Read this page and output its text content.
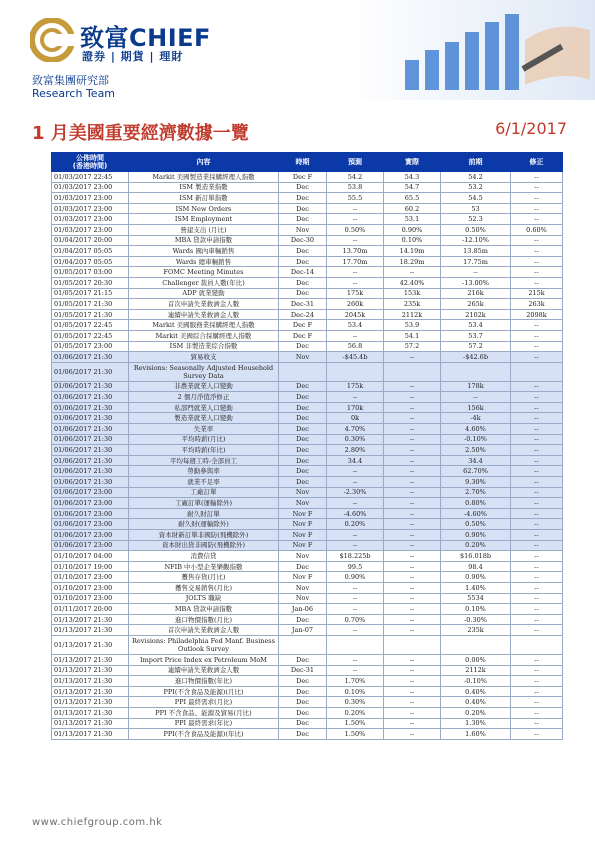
致富CHIEF
證券 | 期貨 | 理財
致富集團研究部
Research Team
1 月美國重要經濟數據一覽	6/1/2017
公佈時間
(香港時間)	內容	時期	預測	實際	前期	修正
01/03/2017 22:45	Markit 美國製造業採購經理人指數	Dec F	54.2	54.3	54.2	--
01/03/2017 23:00	ISM 製造業指數	Dec	53.8	54.7	53.2	--
01/03/2017 23:00	ISM 新訂單指數	Dec	55.5	65.5	54.5	--
01/03/2017 23:00	ISM New Orders	Dec	--	60.2	53	--
01/03/2017 23:00	ISM Employment	Dec	--	53.1	52.3	--
01/03/2017 23:00	營建支出 (月比)	Nov	0.50%	0.90%	0.50%	0.60%
01/04/2017 20:00	MBA 貸款申請指數	Dec-30	--	0.10%	-12.10%	--
01/04/2017 05:05	Wards 國內車輛銷售	Dec	13.70m	14.19m	13.85m	--
01/04/2017 05:05	Wards 總車輛銷售	Dec	17.70m	18.29m	17.75m	--
01/05/2017 03:00	FOMC Meeting Minutes	Dec-14	--	--	--	--
01/05/2017 20:30	Challenger 裁員人數(年比)	Dec	--	42.40%	-13.00%	--
01/05/2017 21:15	ADP 就業變動	Dec	175k	153k	216k	215k
01/05/2017 21:30	首次申請失業救濟金人數	Dec-31	260k	235k	265k	263k
01/05/2017 21:30	連續申請失業救濟金人數	Dec-24	2045k	2112k	2102k	2098k
01/05/2017 22:45	Markit 美國服務業採購經理人指數	Dec F	53.4	53.9	53.4	--
01/05/2017 22:45	Markit 美國綜合採購經理人指數	Dec F	--	54.1	53.7	--
01/05/2017 23:00	ISM 非製造業綜合指數	Dec	56.8	57.2	57.2	--
01/06/2017 21:30	貿易收支	Nov	-$45.4b	--	-$42.6b	--
01/06/2017 21:30	Revisions: Seasonally Adjusted Household Survey Data					
01/06/2017 21:30	非農業就業人口變動	Dec	175k	--	178k	--
01/06/2017 21:30	2 個月淨值淨修正	Dec	--	--	--	--
01/06/2017 21:30	私部門就業人口變動	Dec	170k	--	156k	--
01/06/2017 21:30	製造業就業人口變動	Dec	0k	--	-4k	--
01/06/2017 21:30	失業率	Dec	4.70%	--	4.60%	--
01/06/2017 21:30	平均時薪(月比)	Dec	0.30%	--	-0.10%	--
01/06/2017 21:30	平均時薪(年比)	Dec	2.80%	--	2.50%	--
01/06/2017 21:30	平均每週工時-全部員工	Dec	34.4	--	34.4	--
01/06/2017 21:30	勞動參與率	Dec	--	--	62.70%	--
01/06/2017 21:30	就業不足率	Dec	--	--	9.30%	--
01/06/2017 23:00	工廠訂單	Nov	-2.30%	--	2.70%	--
01/06/2017 23:00	工廠訂單(運輸除外)	Nov	--	--	0.80%	--
01/06/2017 23:00	耐久財訂單	Nov F	-4.60%	--	-4.60%	--
01/06/2017 23:00	耐久財(運輸除外)	Nov F	0.20%	--	0.50%	--
01/06/2017 23:00	資本財新訂單非國防(飛機除外)	Nov F	--	--	0.90%	--
01/06/2017 23:00	資本財出貨非國防(飛機除外)	Nov F	--	--	0.20%	--
01/10/2017 04:00	消費信貸	Nov	$18.225b	--	$16.018b	--
01/10/2017 19:00	NFIB 中小型企業樂觀指數	Dec	99.5	--	98.4	--
01/10/2017 23:00	躉售存貨(月比)	Nov F	0.90%	--	0.90%	--
01/10/2017 23:00	躉售交易銷售(月比)	Nov	--	--	1.40%	--
01/10/2017 23:00	JOLTS 職缺	Nov	--	--	5534	--
01/11/2017 20:00	MBA 貸款申請指數	Jan-06	--	--	0.10%	--
01/13/2017 21:30	進口物價指數(月比)	Dec	0.70%	--	-0.30%	--
01/13/2017 21:30	首次申請失業救濟金人數	Jan-07	--	--	235k	--
01/13/2017 21:30	Revisions: Philadelphia Fed Manf. Business Outlook Survey					
01/13/2017 21:30	Import Price Index ex Petroleum MoM	Dec	--	--	0.00%	--
01/13/2017 21:30	連續申請失業救濟金人數	Dec-31	--	--	2112k	--
01/13/2017 21:30	進口物價指數(年比)	Dec	1.70%	--	-0.10%	--
01/13/2017 21:30	PPI(不含食品及能源)(月比)	Dec	0.10%	--	0.40%	--
01/13/2017 21:30	PPI 最終需求(月比)	Dec	0.30%	--	0.40%	--
01/13/2017 21:30	PPI 不含食品、能源及貿易(月比)	Dec	0.20%	--	0.20%	--
01/13/2017 21:30	PPI 最終需求(年比)	Dec	1.50%	--	1.30%	--
01/13/2017 21:30	PPI(不含食品及能源)(年比)	Dec	1.50%	--	1.60%	--
www.chiefgroup.com.hk
